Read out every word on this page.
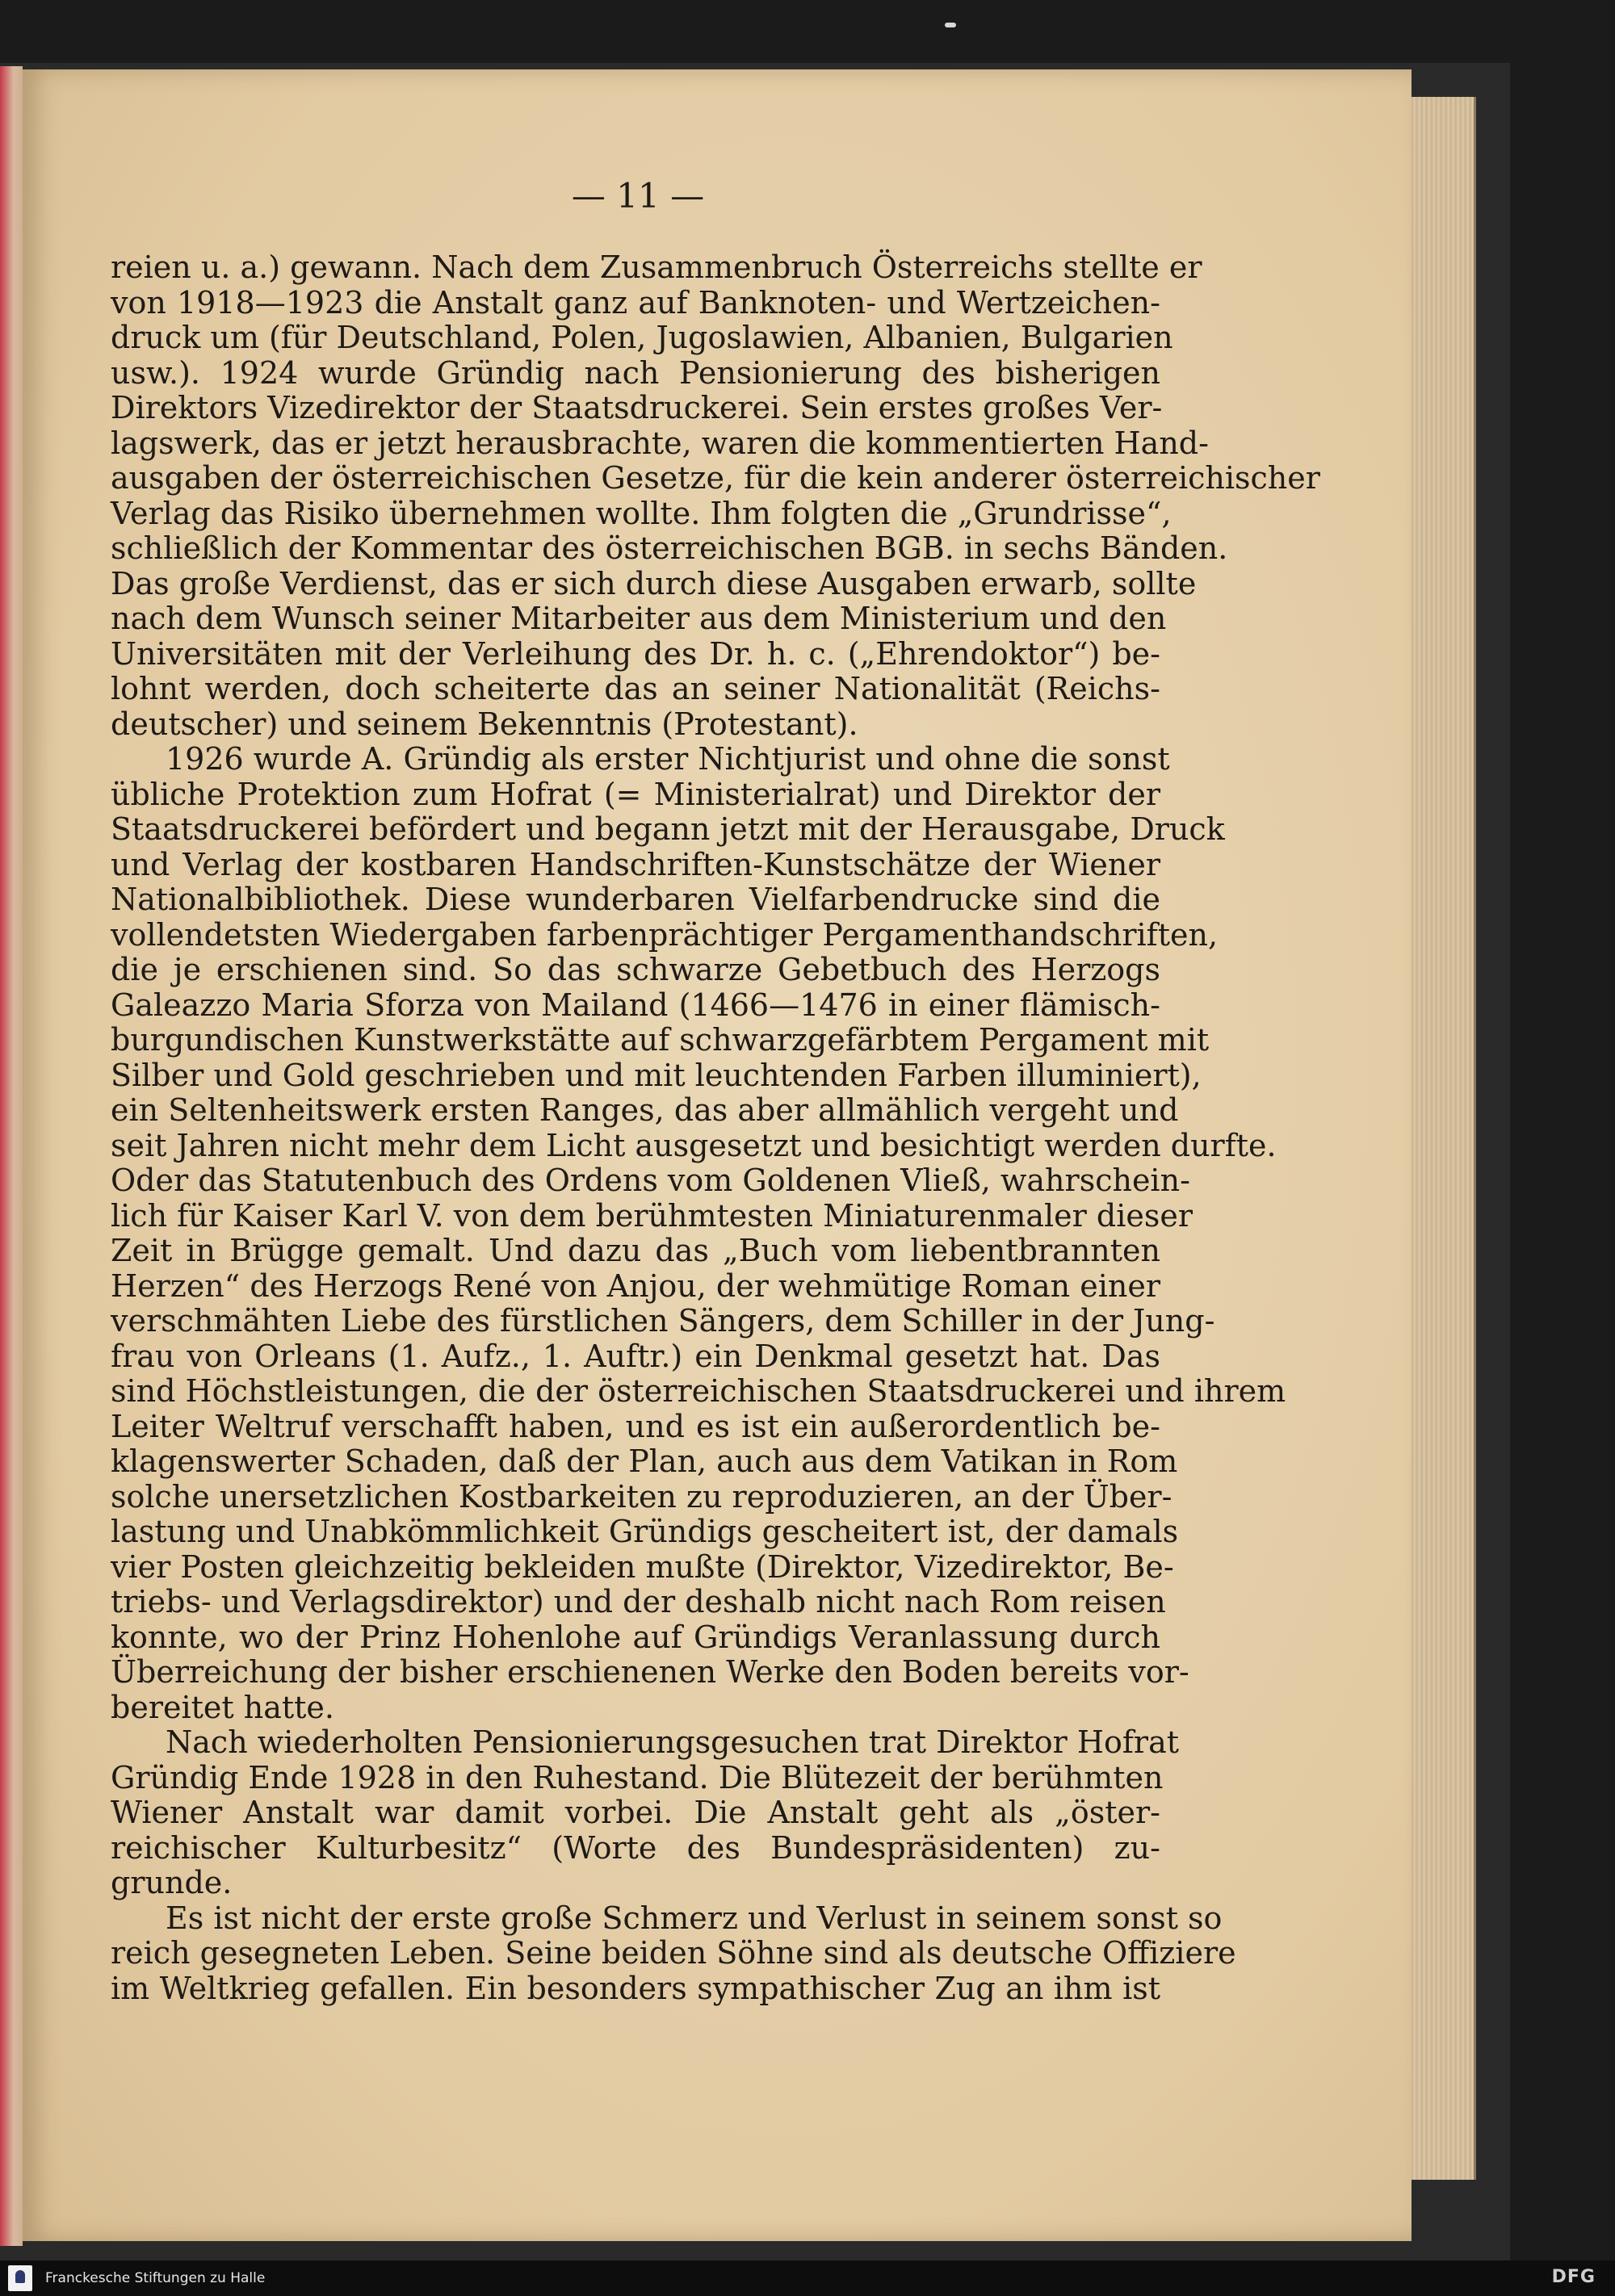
— 11 —
reien u. a.) gewann. Nach dem Zusammenbruch Österreichs stellte er
von 1918—1923 die Anstalt ganz auf Banknoten- und Wertzeichen-
druck um (für Deutschland, Polen, Jugoslawien, Albanien, Bulgarien
usw.). 1924 wurde Gründig nach Pensionierung des bisherigen
Direktors Vizedirektor der Staatsdruckerei. Sein erstes großes Ver-
lagswerk, das er jetzt herausbrachte, waren die kommentierten Hand-
ausgaben der österreichischen Gesetze, für die kein anderer österreichischer
Verlag das Risiko übernehmen wollte. Ihm folgten die „Grundrisse“,
schließlich der Kommentar des österreichischen BGB. in sechs Bänden.
Das große Verdienst, das er sich durch diese Ausgaben erwarb, sollte
nach dem Wunsch seiner Mitarbeiter aus dem Ministerium und den
Universitäten mit der Verleihung des Dr. h. c. („Ehrendoktor“) be-
lohnt werden, doch scheiterte das an seiner Nationalität (Reichs-
deutscher) und seinem Bekenntnis (Protestant).
1926 wurde A. Gründig als erster Nichtjurist und ohne die sonst
übliche Protektion zum Hofrat (= Ministerialrat) und Direktor der
Staatsdruckerei befördert und begann jetzt mit der Herausgabe, Druck
und Verlag der kostbaren Handschriften-Kunstschätze der Wiener
Nationalbibliothek. Diese wunderbaren Vielfarbendrucke sind die
vollendetsten Wiedergaben farbenprächtiger Pergamenthandschriften,
die je erschienen sind. So das schwarze Gebetbuch des Herzogs
Galeazzo Maria Sforza von Mailand (1466—1476 in einer flämisch-
burgundischen Kunstwerkstätte auf schwarzgefärbtem Pergament mit
Silber und Gold geschrieben und mit leuchtenden Farben illuminiert),
ein Seltenheitswerk ersten Ranges, das aber allmählich vergeht und
seit Jahren nicht mehr dem Licht ausgesetzt und besichtigt werden durfte.
Oder das Statutenbuch des Ordens vom Goldenen Vließ, wahrschein-
lich für Kaiser Karl V. von dem berühmtesten Miniaturenmaler dieser
Zeit in Brügge gemalt. Und dazu das „Buch vom liebentbrannten
Herzen“ des Herzogs René von Anjou, der wehmütige Roman einer
verschmähten Liebe des fürstlichen Sängers, dem Schiller in der Jung-
frau von Orleans (1. Aufz., 1. Auftr.) ein Denkmal gesetzt hat. Das
sind Höchstleistungen, die der österreichischen Staatsdruckerei und ihrem
Leiter Weltruf verschafft haben, und es ist ein außerordentlich be-
klagenswerter Schaden, daß der Plan, auch aus dem Vatikan in Rom
solche unersetzlichen Kostbarkeiten zu reproduzieren, an der Über-
lastung und Unabkömmlichkeit Gründigs gescheitert ist, der damals
vier Posten gleichzeitig bekleiden mußte (Direktor, Vizedirektor, Be-
triebs- und Verlagsdirektor) und der deshalb nicht nach Rom reisen
konnte, wo der Prinz Hohenlohe auf Gründigs Veranlassung durch
Überreichung der bisher erschienenen Werke den Boden bereits vor-
bereitet hatte.
Nach wiederholten Pensionierungsgesuchen trat Direktor Hofrat
Gründig Ende 1928 in den Ruhestand. Die Blütezeit der berühmten
Wiener Anstalt war damit vorbei. Die Anstalt geht als „öster-
reichischer Kulturbesitz“ (Worte des Bundespräsidenten) zu-
grunde.
Es ist nicht der erste große Schmerz und Verlust in seinem sonst so
reich gesegneten Leben. Seine beiden Söhne sind als deutsche Offiziere
im Weltkrieg gefallen. Ein besonders sympathischer Zug an ihm ist
Franckesche Stiftungen zu Halle	DFG
